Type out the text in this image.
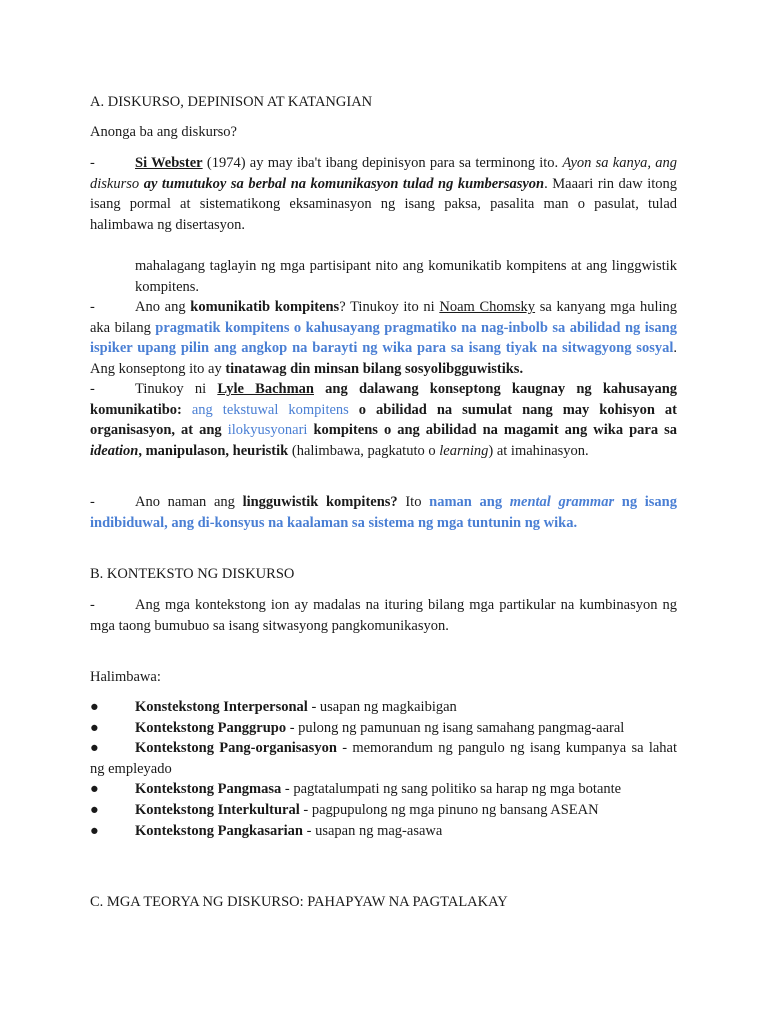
A. DISKURSO, DEPINISON AT KATANGIAN
Anonga ba ang diskurso?
-	Si Webster (1974) ay may iba't ibang depinisyon para sa terminong ito. Ayon sa kanya, ang diskurso ay tumutukoy sa berbal na komunikasyon tulad ng kumbersasyon. Maaari rin daw itong isang pormal at sistematikong eksaminasyon ng isang paksa, pasalita man o pasulat, tulad halimbawa ng disertasyon.
mahalagang taglayin ng mga partisipant nito ang komunikatib kompitens at ang linggwistik kompitens.
-	Ano ang komunikatib kompitens? Tinukoy ito ni Noam Chomsky sa kanyang mga huling aka bilang pragmatik kompitens o kahusayang pragmatiko na nag-inbolb sa abilidad ng isang ispiker upang pilin ang angkop na barayti ng wika para sa isang tiyak na sitwagyong sosyal. Ang konseptong ito ay tinatawag din minsan bilang sosyolibgguwistiks.
-	Tinukoy ni Lyle Bachman ang dalawang konseptong kaugnay ng kahusayang komunikatibo: ang tekstuwal kompitens o abilidad na sumulat nang may kohisyon at organisasyon, at ang ilokyusyonari kompitens o ang abilidad na magamit ang wika para sa ideation, manipulason, heuristik (halimbawa, pagkatuto o learning) at imahinasyon.
-	Ano naman ang lingguwistik kompitens? Ito naman ang mental grammar ng isang indibiduwal, ang di-konsyus na kaalaman sa sistema ng mga tuntunin ng wika.
B. KONTEKSTO NG DISKURSO
-	Ang mga kontekstong ion ay madalas na ituring bilang mga partikular na kumbinasyon ng mga taong bumubuo sa isang sitwasyong pangkomunikasyon.
Halimbawa:
● Konstekstong Interpersonal - usapan ng magkaibigan
● Kontekstong Panggrupo - pulong ng pamunuan ng isang samahang pangmag-aaral
● Kontekstong Pang-organisasyon - memorandum ng pangulo ng isang kumpanya sa lahat ng empleyado
● Kontekstong Pangmasa - pagtatalumpati ng sang politiko sa harap ng mga botante
● Kontekstong Interkultural - pagpupulong ng mga pinuno ng bansang ASEAN
● Kontekstong Pangkasarian - usapan ng mag-asawa
C. MGA TEORYA NG DISKURSO: PAHAPYAW NA PAGTALAKAY
